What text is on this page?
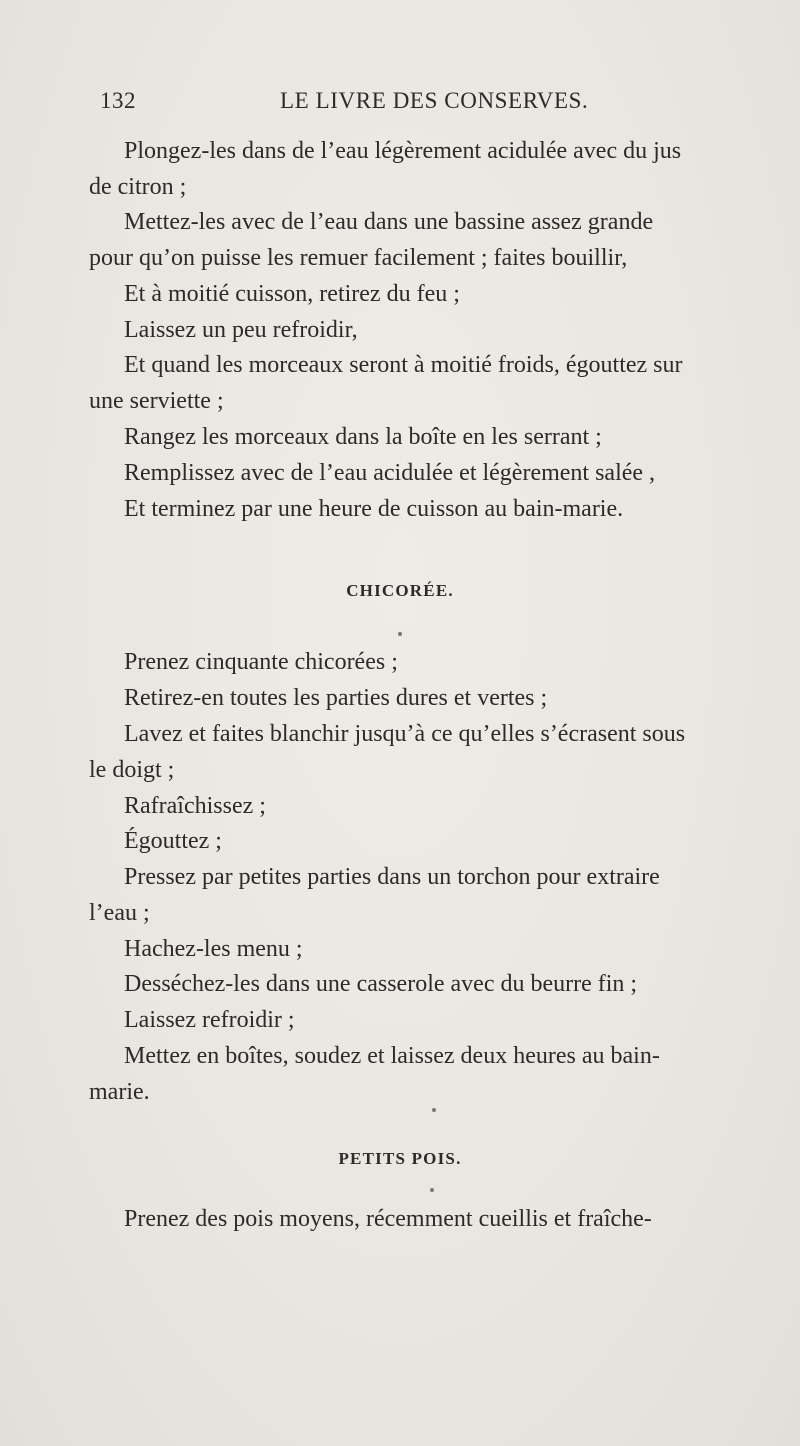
132	LE LIVRE DES CONSERVES.
Plongez-les dans de l’eau légèrement acidulée avec du jus
de citron ;
Mettez-les avec de l’eau dans une bassine assez grande
pour qu’on puisse les remuer facilement ; faites bouillir,
Et à moitié cuisson, retirez du feu ;
Laissez un peu refroidir,
Et quand les morceaux seront à moitié froids, égouttez sur
une serviette ;
Rangez les morceaux dans la boîte en les serrant ;
Remplissez avec de l’eau acidulée et légèrement salée ,
Et terminez par une heure de cuisson au bain-marie.
CHICORÉE.
Prenez cinquante chicorées ;
Retirez-en toutes les parties dures et vertes ;
Lavez et faites blanchir jusqu’à ce qu’elles s’écrasent sous
le doigt ;
Rafraîchissez ;
Égouttez ;
Pressez par petites parties dans un torchon pour extraire
l’eau ;
Hachez-les menu ;
Desséchez-les dans une casserole avec du beurre fin ;
Laissez refroidir ;
Mettez en boîtes, soudez et laissez deux heures au bain-
marie.
PETITS POIS.
Prenez des pois moyens, récemment cueillis et fraîche-
